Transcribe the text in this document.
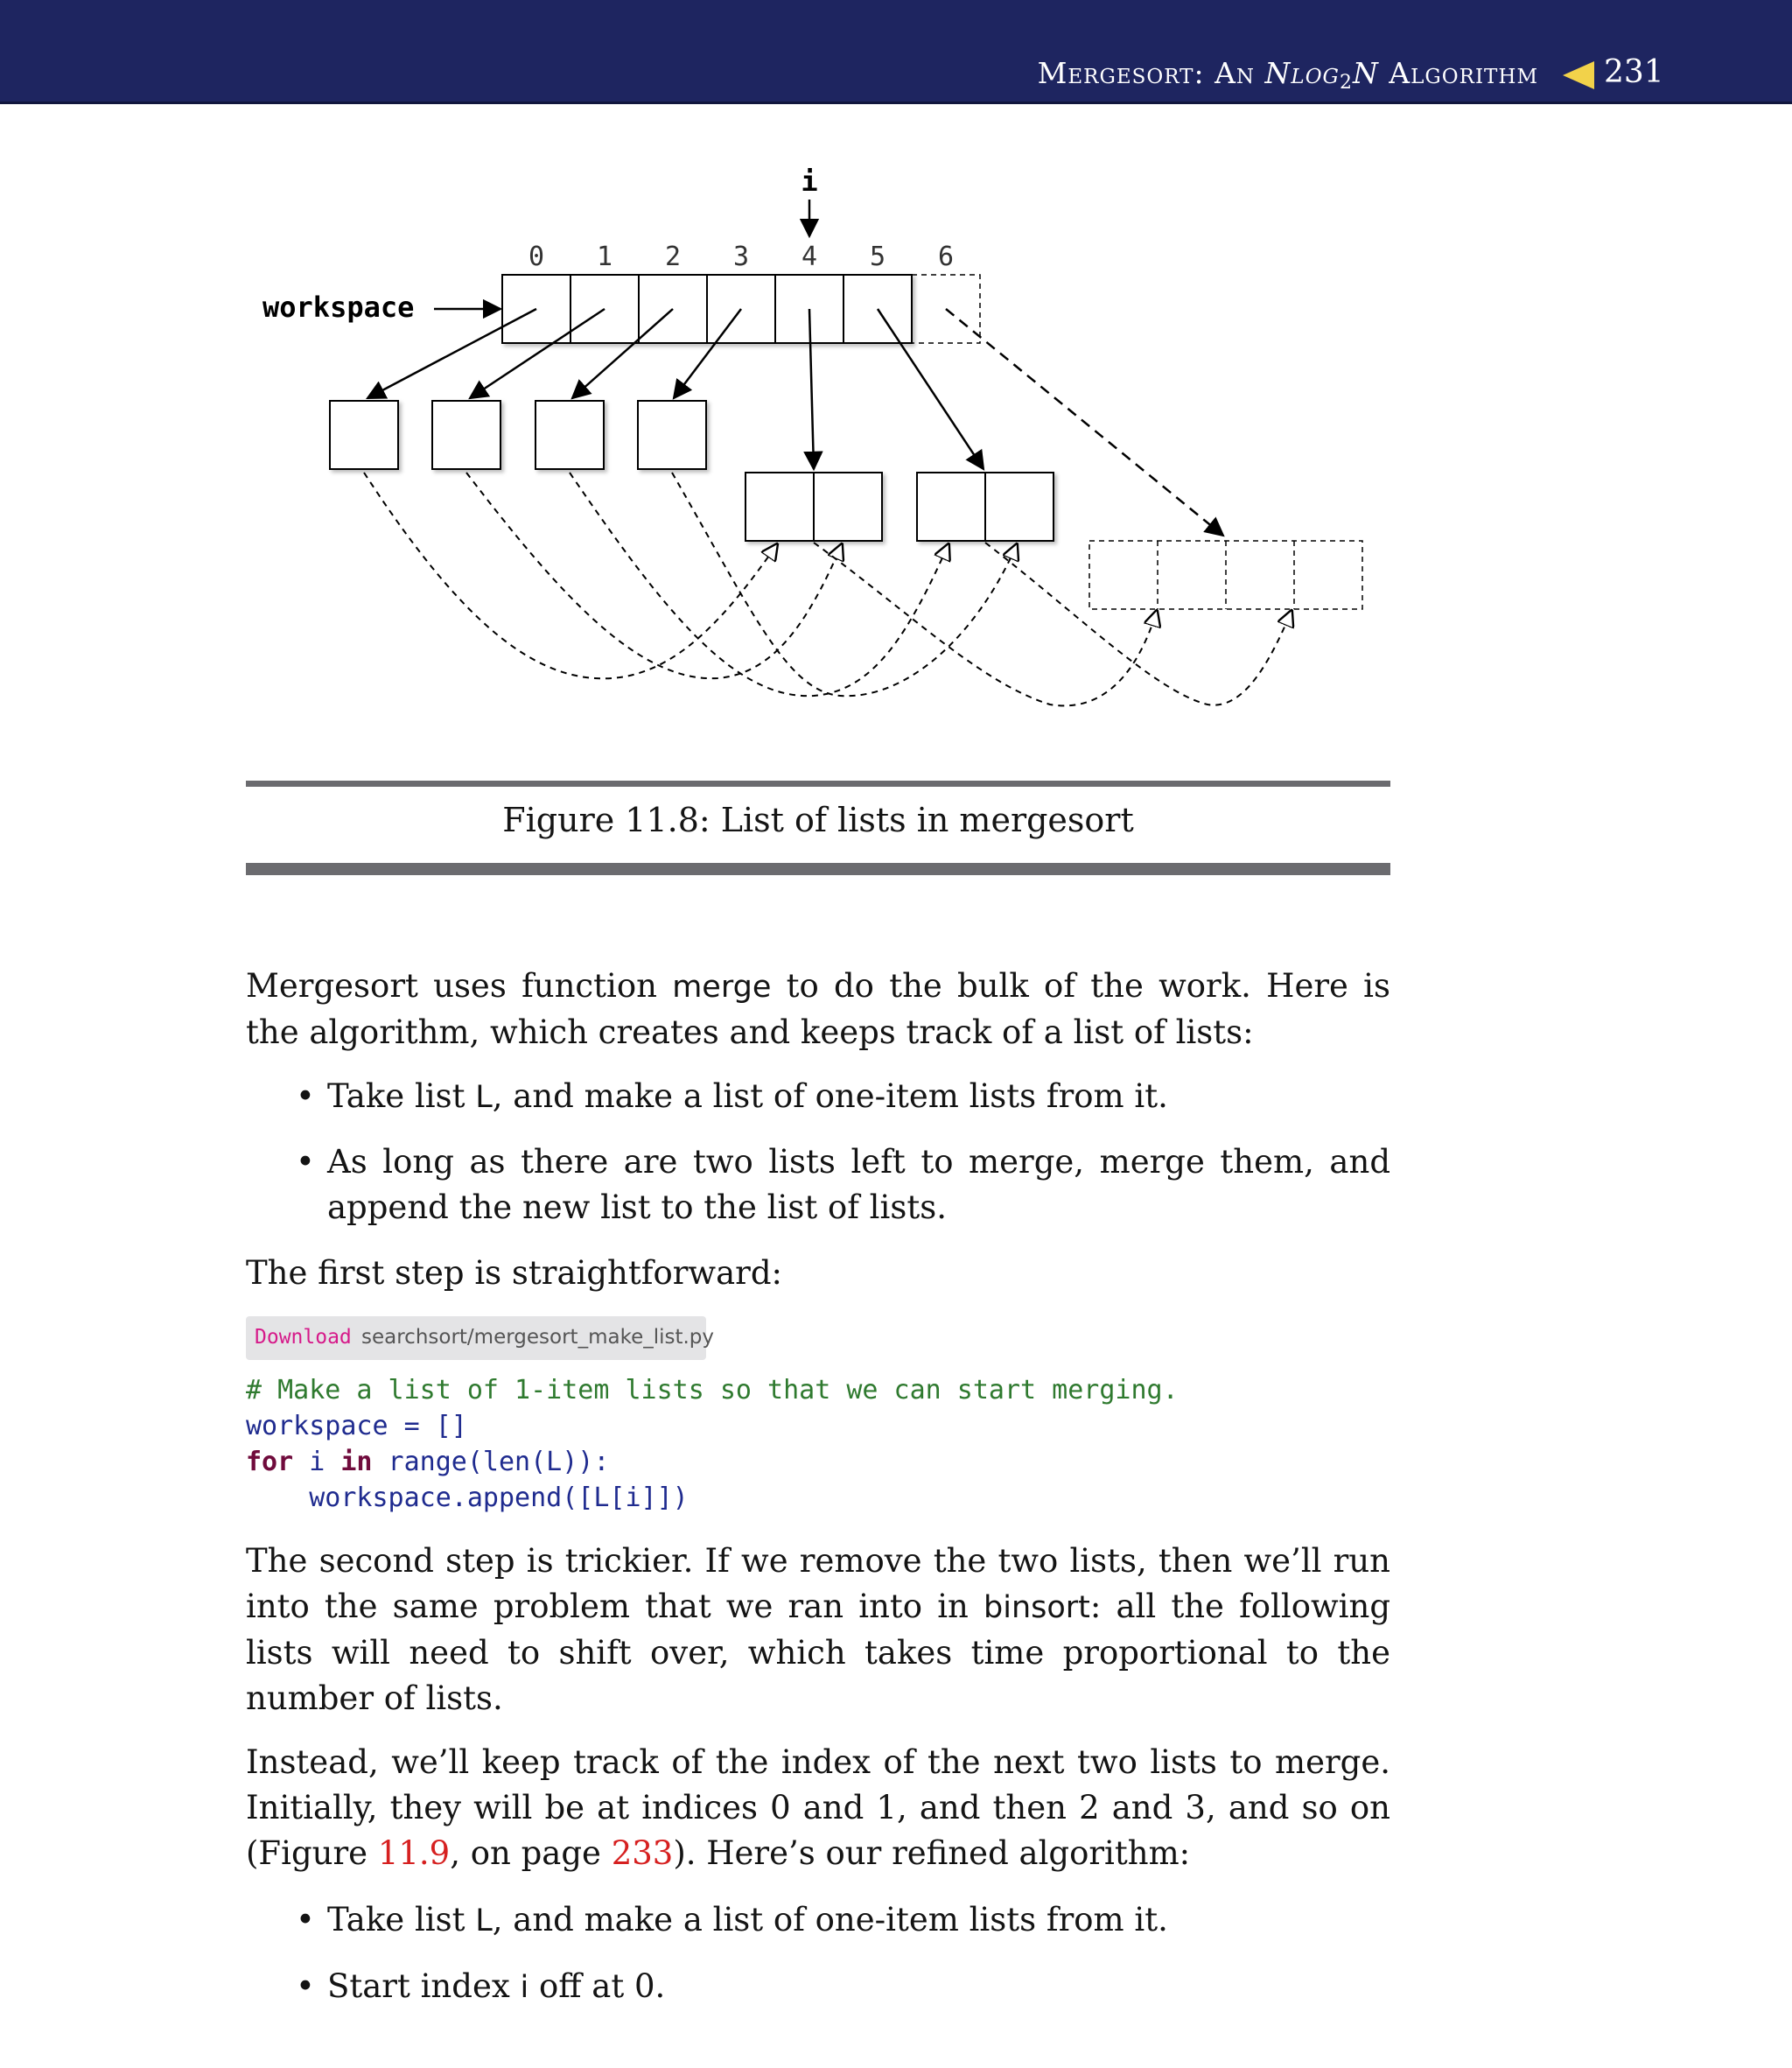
Mergesort: An Nlog$_2$N Algorithm 231
i
0 1 2 3 4 5 6
workspace
Figure 11.8: List of lists in mergesort

Mergesort uses function merge to do the bulk of the work. Here is the algorithm, which creates and keeps track of a list of lists:

• Take list L, and make a list of one-item lists from it.
• As long as there are two lists left to merge, merge them, and append the new list to the list of lists.

The first step is straightforward:

Download searchsort/mergesort_make_list.py
# Make a list of 1-item lists so that we can start merging.
workspace = []
for i in range(len(L)):
workspace.append([L[i]])

The second step is trickier. If we remove the two lists, then we’ll run into the same problem that we ran into in binsort: all the following lists will need to shift over, which takes time proportional to the number of lists.

Instead, we’ll keep track of the index of the next two lists to merge. Initially, they will be at indices 0 and 1, and then 2 and 3, and so on (Figure 11.9, on page 233). Here’s our refined algorithm:

• Take list L, and make a list of one-item lists from it.
• Start index i off at 0.
